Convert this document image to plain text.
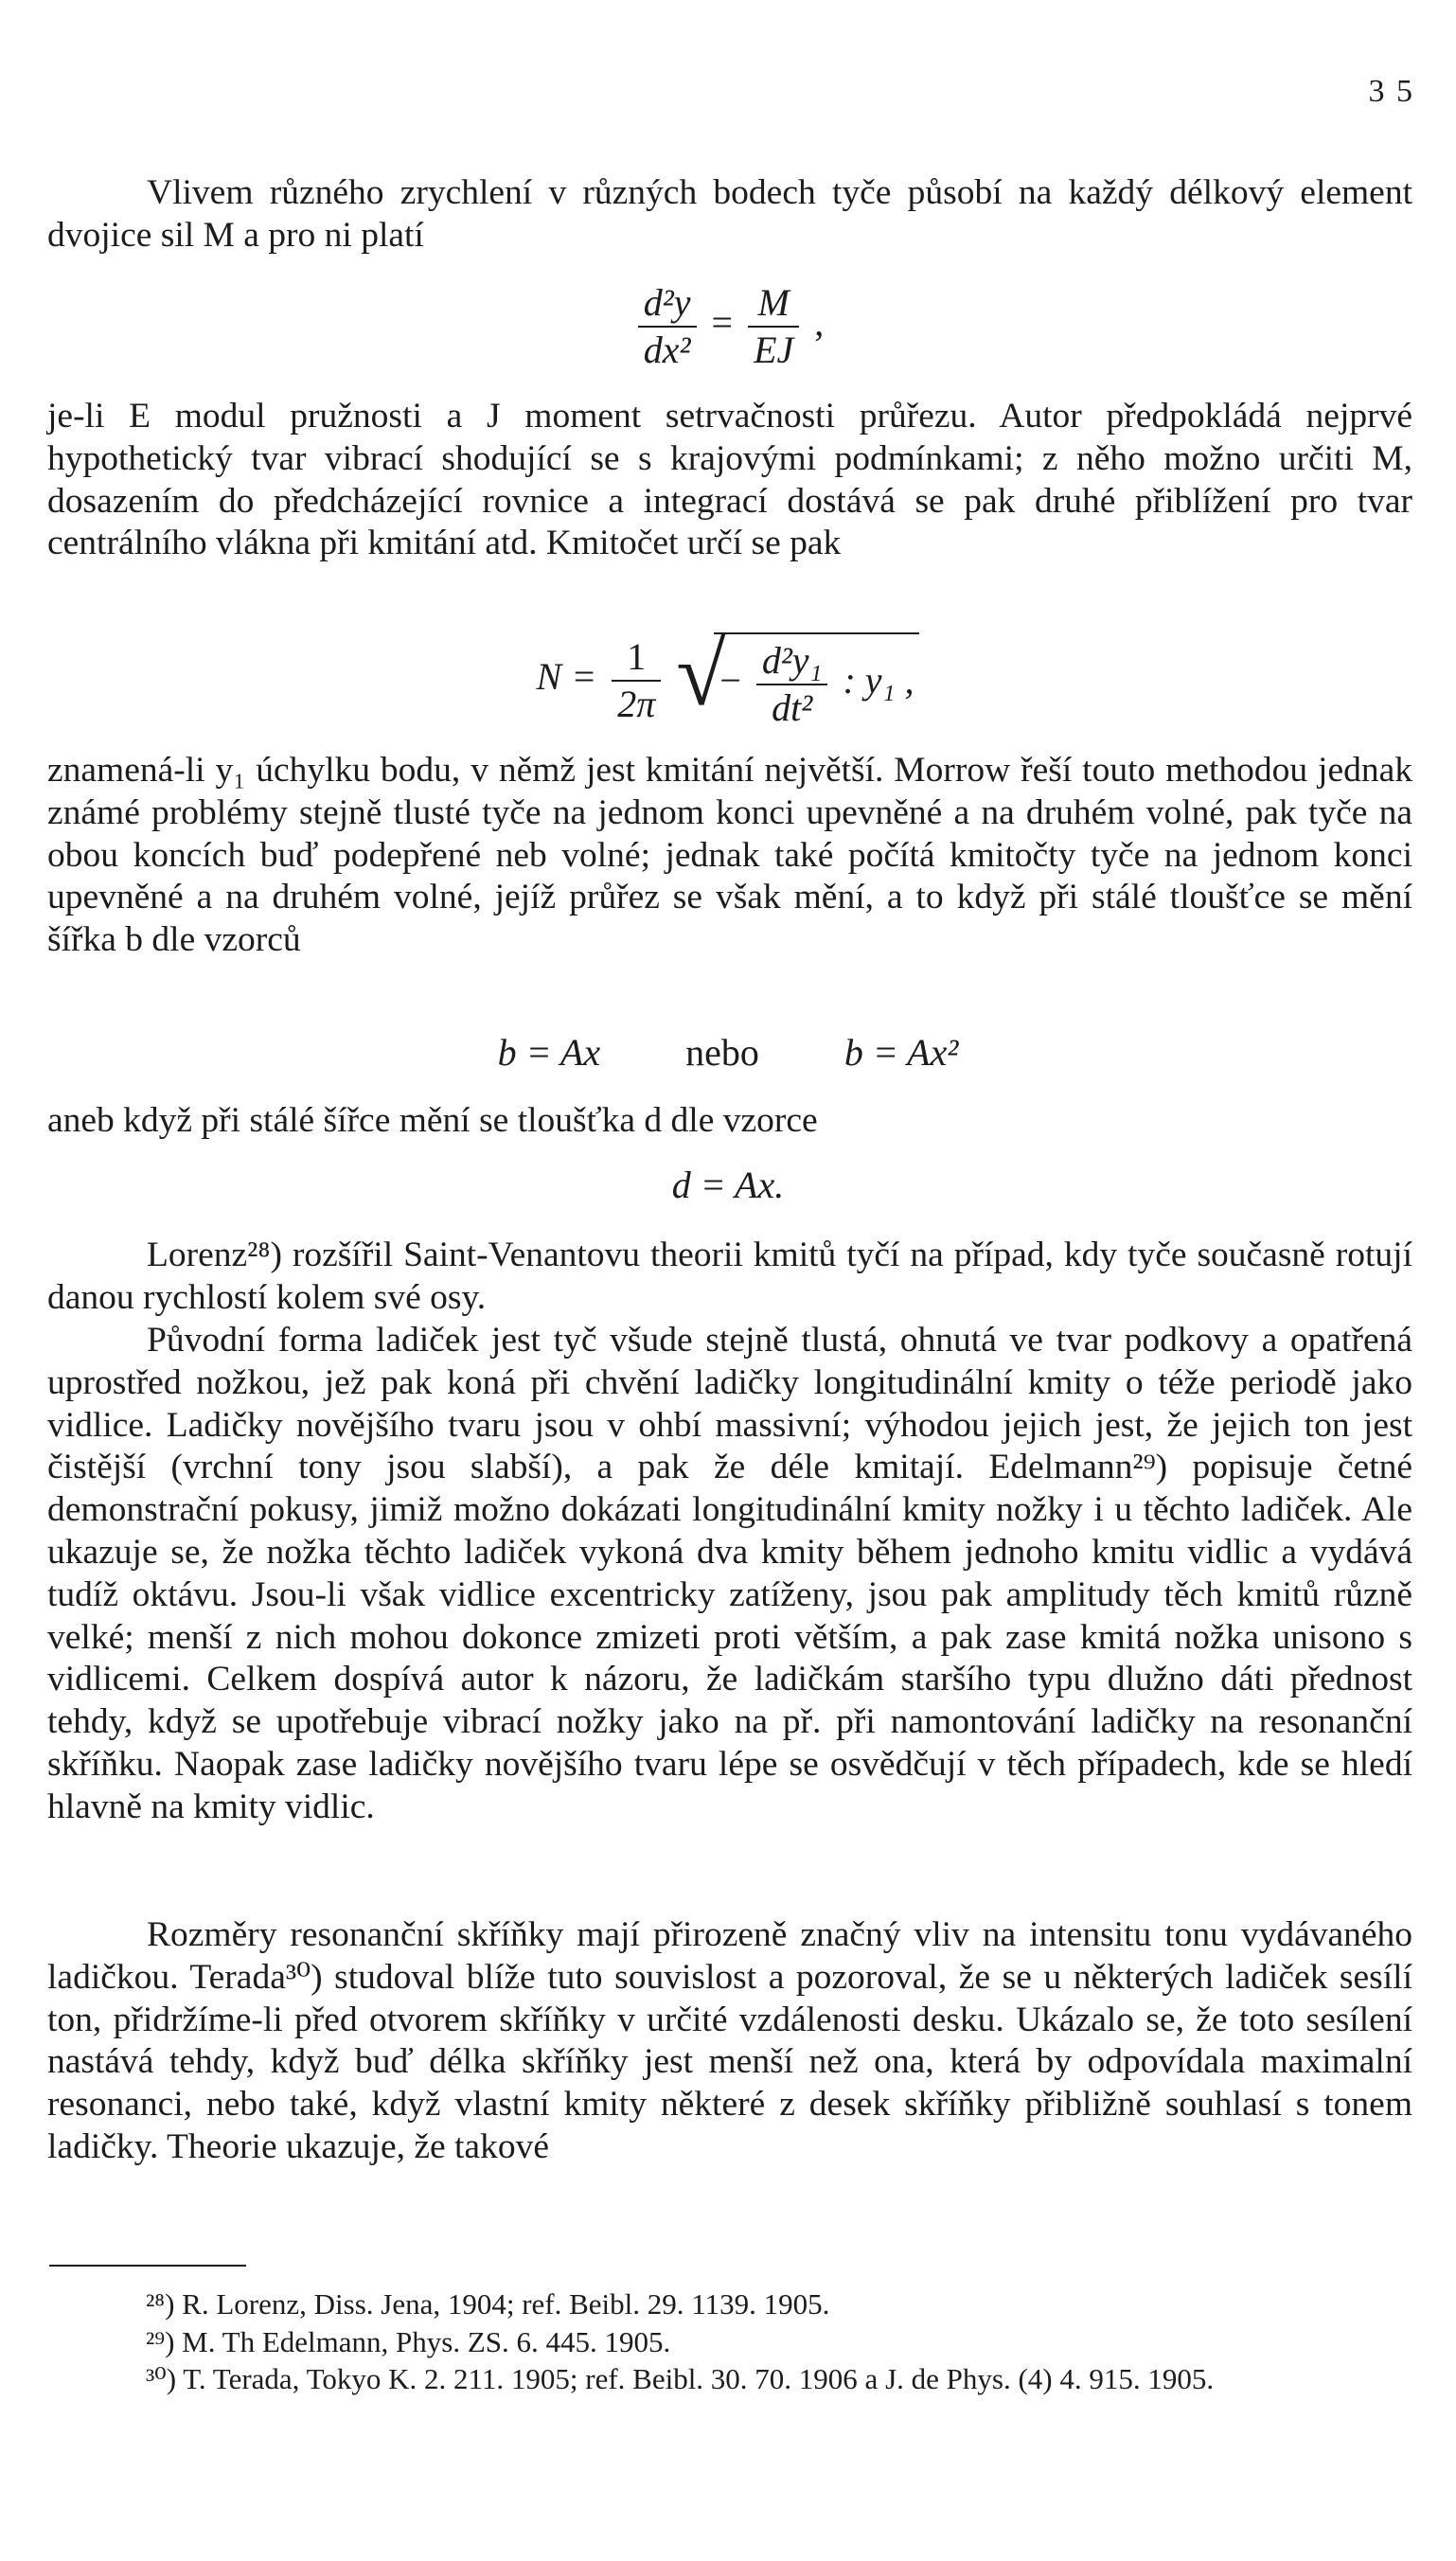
3 5

Vlivem různého zrychlení v různých bodech tyče působí na každý délkový element dvojice sil M a pro ni platí

$\frac{\text{d²y}}{\text{dx²}} = \frac{M}{EJ}$ ,

je-li E modul pružnosti a J moment setrvačnosti průřezu. Autor předpokládá nejprvé hypothetický tvar vibrací shodující se s krajovými podmínkami; z něho možno určiti M, dosazením do předcházející rovnice a integrací dostává se pak druhé přiblížení pro tvar centrálního vlákna při kmitání atd. Kmitočet určí se pak

$N = \frac{1}{2\pi}$
√
− $\frac{\text{d²y₁}}{\text{dt²}}$ : y₁ ,

znamená-li y₁ úchylku bodu, v němž jest kmitání největší. Morrow řeší touto methodou jednak známé problémy stejně tlusté tyče na jednom konci upevněné a na druhém volné, pak tyče na obou koncích buď podepřené neb volné; jednak také počítá kmitočty tyče na jednom konci upevněné a na druhém volné, jejíž průřez se však mění, a to když při stálé tloušťce se mění šířka b dle vzorců

b = Ax nebo b = Ax²

aneb když při stálé šířce mění se tloušťka d dle vzorce

d = Ax.

Lorenz²⁸) rozšířil Saint-Venantovu theorii kmitů tyčí na případ, kdy tyče současně rotují danou rychlostí kolem své osy.

Původní forma ladiček jest tyč všude stejně tlustá, ohnutá ve tvar podkovy a opatřená uprostřed nožkou, jež pak koná při chvění ladičky longitudinální kmity o téže periodě jako vidlice. Ladičky novějšího tvaru jsou v ohbí massivní; výhodou jejich jest, že jejich ton jest čistější (vrchní tony jsou slabší), a pak že déle kmitají. Edelmann²⁹) popisuje četné demonstrační pokusy, jimiž možno dokázati longitudinální kmity nožky i u těchto ladiček. Ale ukazuje se, že nožka těchto ladiček vykoná dva kmity během jednoho kmitu vidlic a vydává tudíž oktávu. Jsou-li však vidlice excentricky zatíženy, jsou pak amplitudy těch kmitů různě velké; menší z nich mohou dokonce zmizeti proti větším, a pak zase kmitá nožka unisono s vidlicemi. Celkem dospívá autor k názoru, že ladičkám staršího typu dlužno dáti přednost tehdy, když se upotřebuje vibrací nožky jako na př. při namontování ladičky na resonanční skříňku. Naopak zase ladičky novějšího tvaru lépe se osvědčují v těch případech, kde se hledí hlavně na kmity vidlic.

Rozměry resonanční skříňky mají přirozeně značný vliv na intensitu tonu vydávaného ladičkou. Terada³⁰) studoval blíže tuto souvislost a pozoroval, že se u některých ladiček sesílí ton, přidržíme-li před otvorem skříňky v určité vzdálenosti desku. Ukázalo se, že toto sesílení nastává tehdy, když buď délka skříňky jest menší než ona, která by odpovídala maximalní resonanci, nebo také, když vlastní kmity některé z desek skříňky přibližně souhlasí s tonem ladičky. Theorie ukazuje, že takové

²⁸) R. Lorenz, Diss. Jena, 1904; ref. Beibl. 29. 1139. 1905.

²⁹) M. Th Edelmann, Phys. ZS. 6. 445. 1905.

³⁰) T. Terada, Tokyo K. 2. 211. 1905; ref. Beibl. 30. 70. 1906 a J. de Phys. (4) 4. 915. 1905.
